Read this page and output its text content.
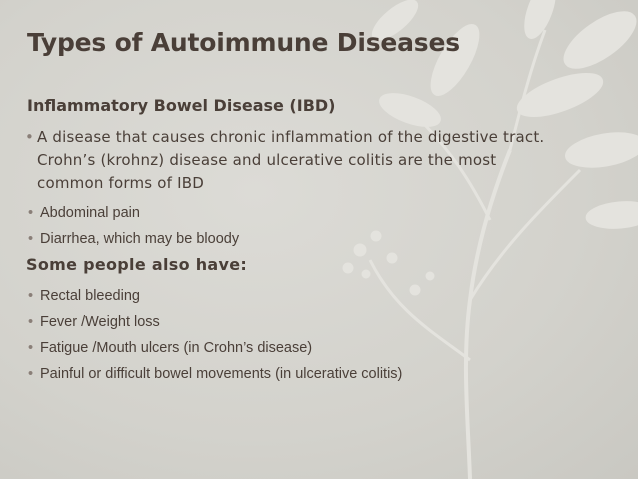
Types of Autoimmune Diseases
Inflammatory Bowel Disease (IBD)
• A disease that causes chronic inflammation of the digestive tract.
Crohn’s (krohnz) disease and ulcerative colitis are the most
common forms of IBD
• Abdominal pain
• Diarrhea, which may be bloody
Some people also have:
• Rectal bleeding
• Fever /Weight loss
• Fatigue /Mouth ulcers (in Crohn’s disease)
• Painful or difficult bowel movements (in ulcerative colitis)
